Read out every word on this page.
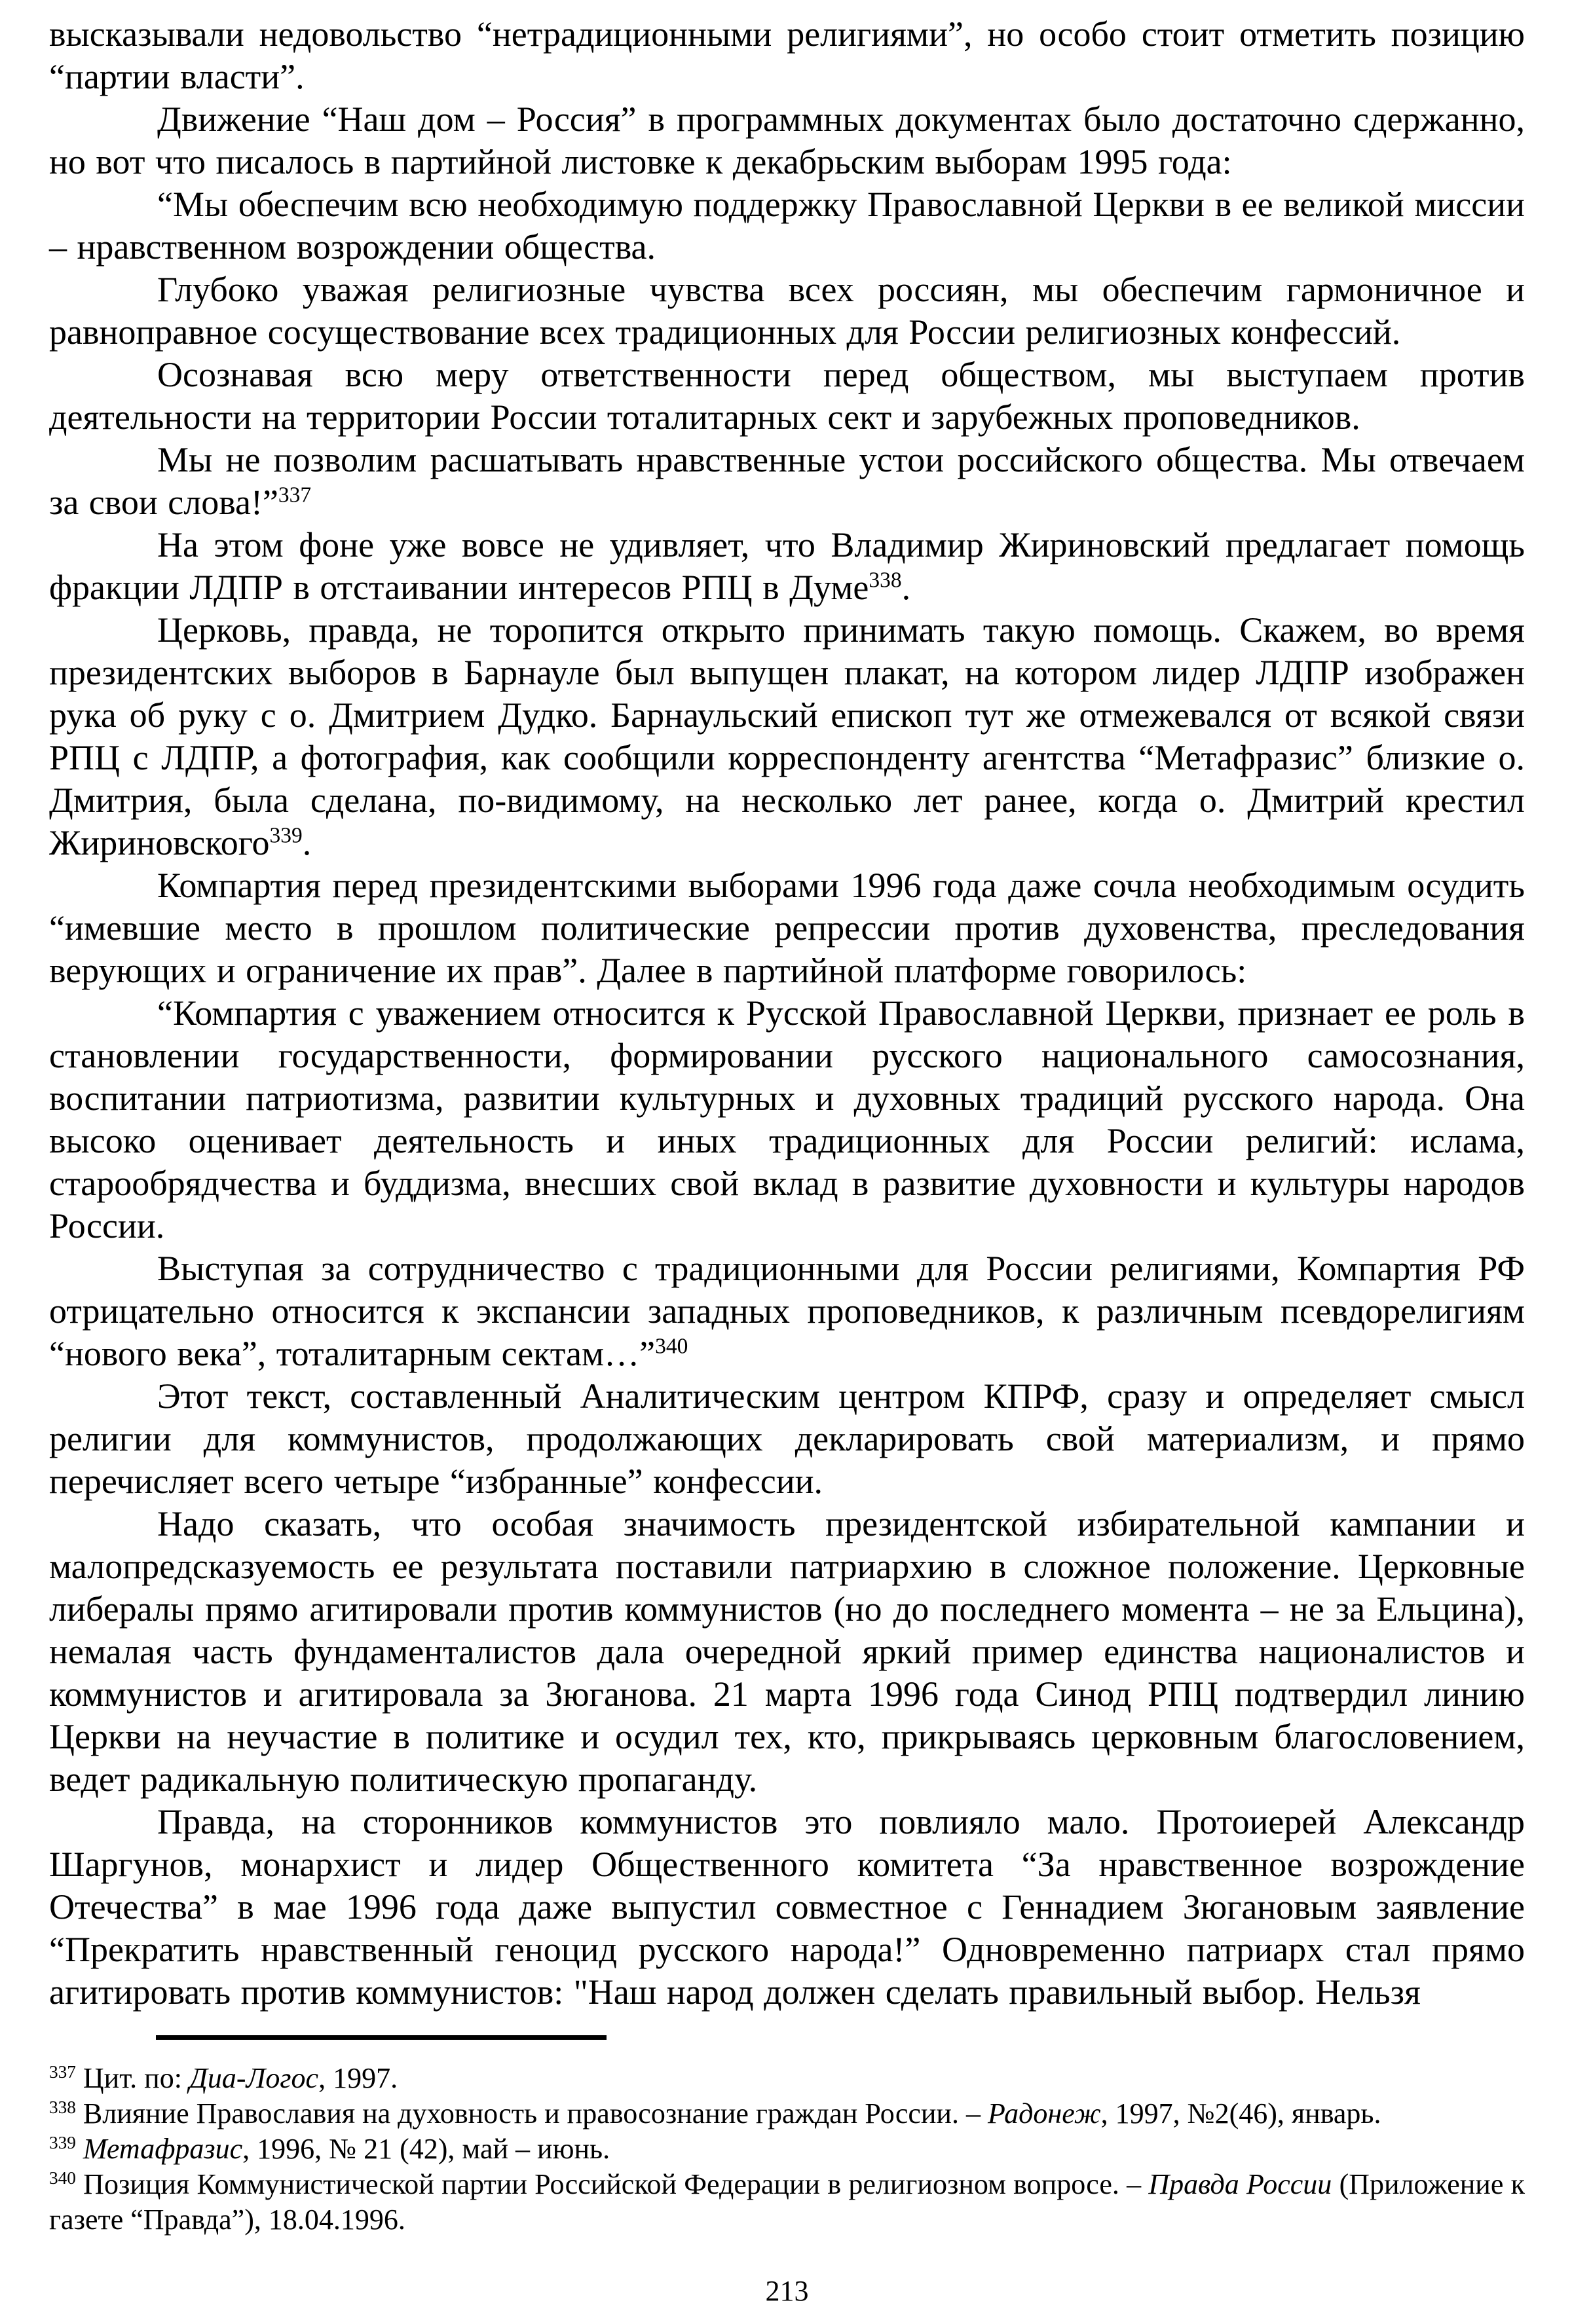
высказывали недовольство “нетрадиционными религиями”, но особо стоит отметить позицию “партии власти”.

Движение “Наш дом – Россия” в программных документах было достаточно сдержанно, но вот что писалось в партийной листовке к декабрьским выборам 1995 года:

“Мы обеспечим всю необходимую поддержку Православной Церкви в ее великой миссии – нравственном возрождении общества.

Глубоко уважая религиозные чувства всех россиян, мы обеспечим гармоничное и равноправное сосуществование всех традиционных для России религиозных конфессий.

Осознавая всю меру ответственности перед обществом, мы выступаем против деятельности на территории России тоталитарных сект и зарубежных проповедников.

Мы не позволим расшатывать нравственные устои российского общества. Мы отвечаем за свои слова!”$^{337}$

На этом фоне уже вовсе не удивляет, что Владимир Жириновский предлагает помощь фракции ЛДПР в отстаивании интересов РПЦ в Думе$^{338}$.

Церковь, правда, не торопится открыто принимать такую помощь. Скажем, во время президентских выборов в Барнауле был выпущен плакат, на котором лидер ЛДПР изображен рука об руку с о. Дмитрием Дудко. Барнаульский епископ тут же отмежевался от всякой связи РПЦ с ЛДПР, а фотография, как сообщили корреспонденту агентства “Метафразис” близкие о. Дмитрия, была сделана, по-видимому, на несколько лет ранее, когда о. Дмитрий крестил Жириновского$^{339}$.

Компартия перед президентскими выборами 1996 года даже сочла необходимым осудить “имевшие место в прошлом политические репрессии против духовенства, преследования верующих и ограничение их прав”. Далее в партийной платформе говорилось:

“Компартия с уважением относится к Русской Православной Церкви, признает ее роль в становлении государственности, формировании русского национального самосознания, воспитании патриотизма, развитии культурных и духовных традиций русского народа. Она высоко оценивает деятельность и иных традиционных для России религий: ислама, старообрядчества и буддизма, внесших свой вклад в развитие духовности и культуры народов России.

Выступая за сотрудничество с традиционными для России религиями, Компартия РФ отрицательно относится к экспансии западных проповедников, к различным псевдорелигиям “нового века”, тоталитарным сектам…”$^{340}$

Этот текст, составленный Аналитическим центром КПРФ, сразу и определяет смысл религии для коммунистов, продолжающих декларировать свой материализм, и прямо перечисляет всего четыре “избранные” конфессии.

Надо сказать, что особая значимость президентской избирательной кампании и малопредсказуемость ее результата поставили патриархию в сложное положение. Церковные либералы прямо агитировали против коммунистов (но до последнего момента – не за Ельцина), немалая часть фундаменталистов дала очередной яркий пример единства националистов и коммунистов и агитировала за Зюганова. 21 марта 1996 года Синод РПЦ подтвердил линию Церкви на неучастие в политике и осудил тех, кто, прикрываясь церковным благословением, ведет радикальную политическую пропаганду.

Правда, на сторонников коммунистов это повлияло мало. Протоиерей Александр Шаргунов, монархист и лидер Общественного комитета “За нравственное возрождение Отечества” в мае 1996 года даже выпустил совместное с Геннадием Зюгановым заявление “Прекратить нравственный геноцид русского народа!” Одновременно патриарх стал прямо агитировать против коммунистов: "Наш народ должен сделать правильный выбор. Нельзя

$^{337}$ Цит. по: Диа-Логос, 1997.

$^{338}$ Влияние Православия на духовность и правосознание граждан России. – Радонеж, 1997, №2(46), январь.

$^{339}$ Метафразис, 1996, № 21 (42), май – июнь.

$^{340}$ Позиция Коммунистической партии Российской Федерации в религиозном вопросе. – Правда России (Приложение к газете “Правда”), 18.04.1996.

213
